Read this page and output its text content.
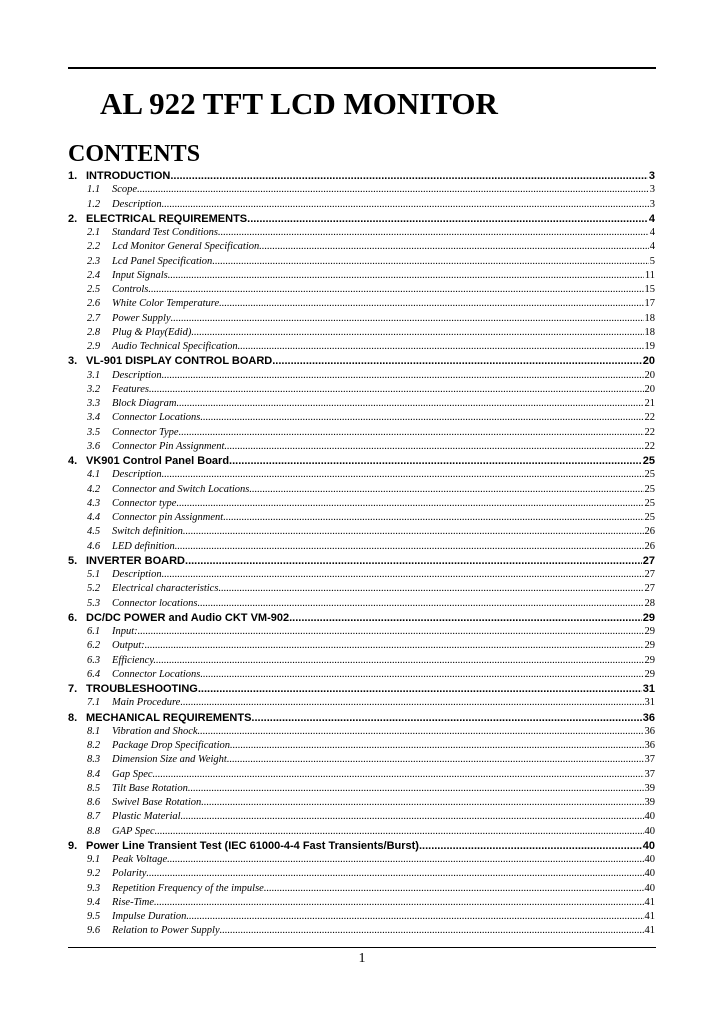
AL 922 TFT LCD MONITOR
CONTENTS
1. INTRODUCTION .....	3
1.1	Scope .....	3
1.2	Description .....	3
2. ELECTRICAL REQUIREMENTS .....	4
2.1	Standard Test Conditions .....	4
2.2	Lcd Monitor General Specification .....	4
2.3	Lcd Panel Specification .....	5
2.4	Input Signals .....	11
2.5	Controls .....	15
2.6	White Color Temperature .....	17
2.7	Power Supply .....	18
2.8	Plug & Play(Edid) .....	18
2.9	Audio Technical Specification .....	19
3. VL-901 DISPLAY CONTROL BOARD .....	20
3.1	Description .....	20
3.2	Features .....	20
3.3	Block Diagram .....	21
3.4	Connector Locations .....	22
3.5	Connector Type .....	22
3.6	Connector Pin Assignment .....	22
4. VK901 Control Panel Board .....	25
4.1	Description .....	25
4.2	Connector and Switch Locations .....	25
4.3	Connector type .....	25
4.4	Connector pin Assignment .....	25
4.5	Switch definition .....	26
4.6	LED definition .....	26
5. INVERTER BOARD .....	27
5.1	Description .....	27
5.2	Electrical characteristics .....	27
5.3	Connector locations .....	28
6. DC/DC POWER and Audio CKT VM-902 .....	29
6.1	Input: .....	29
6.2	Output: .....	29
6.3	Efficiency. .....	29
6.4	Connector Locations .....	29
7. TROUBLESHOOTING .....	31
7.1	Main Procedure .....	31
8. MECHANICAL REQUIREMENTS .....	36
8.1	Vibration and Shock .....	36
8.2	Package Drop Specification .....	36
8.3	Dimension Size and Weight .....	37
8.4	Gap Spec. .....	37
8.5	Tilt Base Rotation .....	39
8.6	Swivel Base Rotation .....	39
8.7	Plastic Material .....	40
8.8	GAP Spec. .....	40
9. Power Line Transient Test (IEC 61000-4-4 Fast Transients/Burst) .....	40
9.1	Peak Voltage .....	40
9.2	Polarity .....	40
9.3	Repetition Frequency of the impulse .....	40
9.4	Rise-Time .....	41
9.5	Impulse Duration .....	41
9.6	Relation to Power Supply .....	41
1
